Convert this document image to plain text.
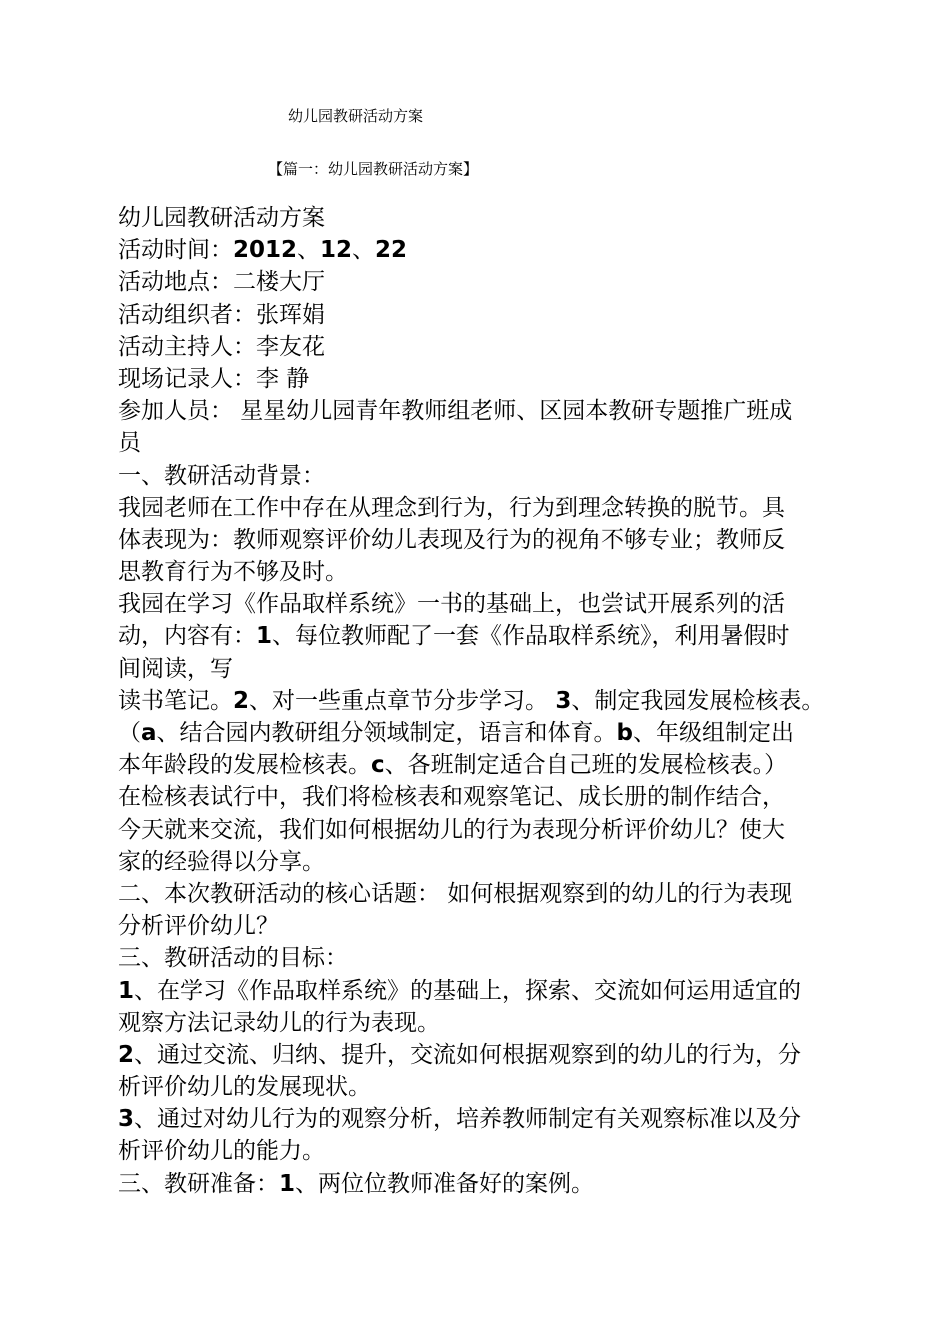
幼儿园教研活动方案
【篇一：幼儿园教研活动方案】
幼儿园教研活动方案
活动时间：2012、12、22
活动地点：二楼大厅
活动组织者：张珲娟
活动主持人：李友花
现场记录人：李 静
参加人员： 星星幼儿园青年教师组老师、区园本教研专题推广班成
员
一、教研活动背景：
我园老师在工作中存在从理念到行为，行为到理念转换的脱节。具
体表现为：教师观察评价幼儿表现及行为的视角不够专业；教师反
思教育行为不够及时。
我园在学习《作品取样系统》一书的基础上，也尝试开展系列的活
动，内容有：1、每位教师配了一套《作品取样系统》，利用暑假时
间阅读，写
读书笔记。2、对一些重点章节分步学习。 3、制定我园发展检核表。
（a、结合园内教研组分领域制定，语言和体育。b、年级组制定出
本年龄段的发展检核表。c、各班制定适合自己班的发展检核表。）
在检核表试行中，我们将检核表和观察笔记、成长册的制作结合，
今天就来交流，我们如何根据幼儿的行为表现分析评价幼儿？使大
家的经验得以分享。
二、本次教研活动的核心话题： 如何根据观察到的幼儿的行为表现
分析评价幼儿？
三、教研活动的目标：
1、在学习《作品取样系统》的基础上，探索、交流如何运用适宜的
观察方法记录幼儿的行为表现。
2、通过交流、归纳、提升，交流如何根据观察到的幼儿的行为，分
析评价幼儿的发展现状。
3、通过对幼儿行为的观察分析，培养教师制定有关观察标准以及分
析评价幼儿的能力。
三、教研准备：1、两位位教师准备好的案例。
